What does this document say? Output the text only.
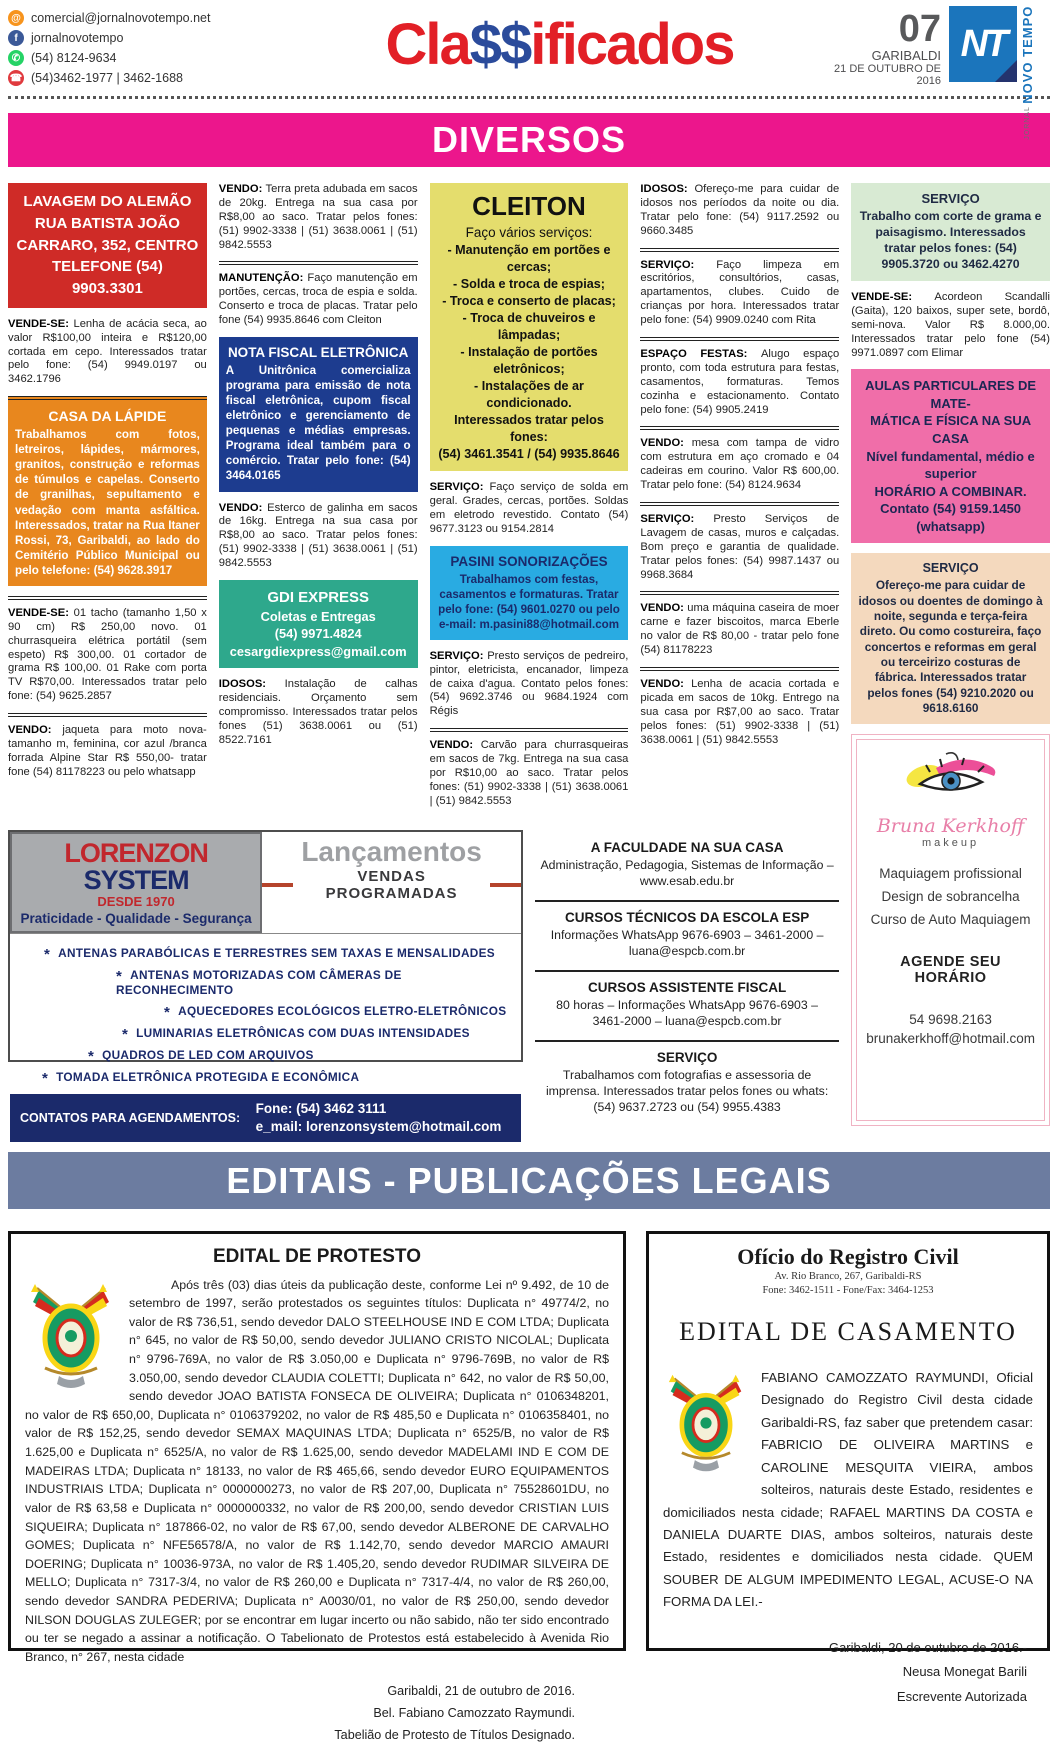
@ comercial@jornalnovotempo.net
f	jornalnovotempo
✆ (54) 8124-9634
☎ (54)3462-1977 | 3462-1688
Cla$$ificados	07
GARIBALDI
21 DE OUTUBRO DE 2016
NT
JORNAL
NOVO TEMPO
DIVERSOS
LAVAGEM DO ALEMÃO
RUA BATISTA JOÃO
CARRARO, 352, CENTRO
TELEFONE (54) 9903.3301
VENDE-SE: Lenha de acácia seca, ao valor R$100,00 inteira e R$120,00 cortada em cepo. Interessados tratar pelo fone: (54) 9949.0197 ou 3462.1796
CASA DA LÁPIDE
Trabalhamos com fotos, letreiros, lápides, mármores, granitos, construção e reformas de túmulos e capelas. Conserto de granilhas, sepultamento e vedação com manta asfáltica. Interessados, tratar na Rua Itaner Rossi, 73, Garibaldi, ao lado do Cemitério Público Municipal ou pelo telefone: (54) 9628.3917
VENDE-SE: 01 tacho (tamanho 1,50 x 90 cm) R$ 250,00 novo. 01 churrasqueira elétrica portátil (sem espeto) R$ 300,00. 01 cortador de grama R$ 100,00. 01 Rake com porta TV R$70,00. Interessados tratar pelo fone: (54) 9625.2857
VENDO: jaqueta para moto nova-tamanho m, feminina, cor azul /branca forrada Alpine Star R$ 550,00- tratar fone (54) 81178223 ou pelo whatsapp
VENDO: Terra preta adubada em sacos de 20kg. Entrega na sua casa por R$8,00 ao saco. Tratar pelos fones: (51) 9902-3338 | (51) 3638.0061 | (51) 9842.5553
MANUTENÇÃO: Faço manutenção em portões, cercas, troca de espia e solda. Conserto e troca de placas. Tratar pelo fone (54) 9935.8646 com Cleiton
NOTA FISCAL ELETRÔNICA
A Unitrônica comercializa programa para emissão de nota fiscal eletrônica, cupom fiscal eletrônico e gerenciamento de pequenas e médias empresas. Programa ideal também para o comércio. Tratar pelo fone: (54) 3464.0165
VENDO: Esterco de galinha em sacos de 16kg. Entrega na sua casa por R$8,00 ao saco. Tratar pelos fones: (51) 9902-3338 | (51) 3638.0061 | (51) 9842.5553
GDI EXPRESS
Coletas e Entregas
(54) 9971.4824
cesargdiexpress@gmail.com
IDOSOS: Instalação de calhas residenciais. Orçamento sem compromisso. Interessados tratar pelos fones (51) 3638.0061 ou (51) 8522.7161
CLEITON
Faço vários serviços:
- Manutenção em portões e cercas;
- Solda e troca de espias;
- Troca e conserto de placas;
- Troca de chuveiros e lâmpadas;
- Instalação de portões eletrônicos;
- Instalações de ar condicionado.
Interessados tratar pelos fones:
(54) 3461.3541 / (54) 9935.8646
SERVIÇO: Faço serviço de solda em geral. Grades, cercas, portões. Soldas em eletrodo revestido. Contato (54) 9677.3123 ou 9154.2814
PASINI SONORIZAÇÕES
Trabalhamos com festas, casamentos e formaturas. Tratar pelo fone: (54) 9601.0270 ou pelo e-mail: m.pasini88@hotmail.com
SERVIÇO: Presto serviços de pedreiro, pintor, eletricista, encanador, limpeza de caixa d'agua. Contato pelos fones: (54) 9692.3746 ou 9684.1924 com Régis
VENDO: Carvão para churrasqueiras em sacos de 7kg. Entrega na sua casa por R$10,00 ao saco. Tratar pelos fones: (51) 9902-3338 | (51) 3638.0061 | (51) 9842.5553
IDOSOS: Ofereço-me para cuidar de idosos nos períodos da noite ou dia. Tratar pelo fone: (54) 9117.2592 ou 9660.3485
SERVIÇO: Faço limpeza em escritórios, consultórios, casas, apartamentos, clubes. Cuido de crianças por hora. Interessados tratar pelo fone: (54) 9909.0240 com Rita
ESPAÇO FESTAS: Alugo espaço pronto, com toda estrutura para festas, casamentos, formaturas. Temos cozinha e estacionamento. Contato pelo fone: (54) 9905.2419
VENDO: mesa com tampa de vidro com estrutura em aço cromado e 04 cadeiras em courino. Valor R$ 600,00. Tratar pelo fone: (54) 8124.9634
SERVIÇO: Presto Serviços de Lavagem de casas, muros e calçadas. Bom preço e garantia de qualidade. Tratar pelos fones: (54) 9987.1437 ou 9968.3684
VENDO: uma máquina caseira de moer carne e fazer biscoitos, marca Eberle no valor de R$ 80,00 - tratar pelo fone (54) 81178223
VENDO: Lenha de acacia cortada e picada em sacos de 10kg. Entrego na sua casa por R$7,00 ao saco. Tratar pelos fones: (51) 9902-3338 | (51) 3638.0061 | (51) 9842.5553
SERVIÇO
Trabalho com corte de grama e paisagismo. Interessados tratar pelos fones: (54) 9905.3720 ou 3462.4270
VENDE-SE: Acordeon Scandalli (Gaita), 120 baixos, super sete, bordô, semi-nova. Valor R$ 8.000,00. Interessados tratar pelo fone (54) 9971.0897 com Elimar
AULAS PARTICULARES DE MATE-
MÁTICA E FÍSICA NA SUA CASA
Nível fundamental, médio e
superior
HORÁRIO A COMBINAR.
Contato (54) 9159.1450 (whatsapp)
SERVIÇO
Ofereço-me para cuidar de idosos ou doentes de domingo à noite, segunda e terça-feira direto. Ou como costureira, faço concertos e reformas em geral ou terceirizo costuras de fábrica. Interessados tratar pelos fones (54) 9210.2020 ou 9618.6160
Bruna Kerkhoff
makeup
Maquiagem profissional
Design de sobrancelha
Curso de Auto Maquiagem
AGENDE SEU HORÁRIO
54 9698.2163
brunakerkhoff@hotmail.com
LORENZON SYSTEM
DESDE 1970
Praticidade - Qualidade - Segurança
Lançamentos
VENDAS PROGRAMADAS
* ANTENAS PARABÓLICAS E TERRESTRES SEM TAXAS E MENSALIDADES
* ANTENAS MOTORIZADAS COM CÂMERAS DE RECONHECIMENTO
* AQUECEDORES ECOLÓGICOS ELETRO-ELETRÔNICOS
* LUMINARIAS ELETRÔNICAS COM DUAS INTENSIDADES
* QUADROS DE LED COM ARQUIVOS
* TOMADA ELETRÔNICA PROTEGIDA E ECONÔMICA
CONTATOS PARA AGENDAMENTOS:
Fone: (54) 3462 3111
e_mail: lorenzonsystem@hotmail.com
A FACULDADE NA SUA CASA
Administração, Pedagogia, Sistemas de Informação – www.esab.edu.br
CURSOS TÉCNICOS DA ESCOLA ESP
Informações WhatsApp 9676-6903 – 3461-2000 – luana@espcb.com.br
CURSOS ASSISTENTE FISCAL
80 horas – Informações WhatsApp 9676-6903 – 3461-2000 – luana@espcb.com.br
SERVIÇO
Trabalhamos com fotografias e assessoria de imprensa. Interessados tratar pelos fones ou whats: (54) 9637.2723 ou (54) 9955.4383
EDITAIS - PUBLICAÇÕES LEGAIS
EDITAL DE PROTESTO
Após três (03) dias úteis da publicação deste, conforme Lei nº 9.492, de 10 de setembro de 1997, serão protestados os seguintes títulos: Duplicata n° 49774/2, no valor de R$ 736,51, sendo devedor DALO STEELHOUSE IND E COM LTDA; Duplicata n° 645, no valor de R$ 50,00, sendo devedor JULIANO CRISTO NICOLAL; Duplicata n° 9796-769A, no valor de R$ 3.050,00 e Duplicata n° 9796-769B, no valor de R$ 3.050,00, sendo devedor CLAUDIA COLETTI; Duplicata n° 642, no valor de R$ 50,00, sendo devedor JOAO BATISTA FONSECA DE OLIVEIRA; Duplicata n° 0106348201, no valor de R$ 650,00, Duplicata n° 0106379202, no valor de R$ 485,50 e Duplicata n° 0106358401, no valor de R$ 152,25, sendo devedor SEMAX MAQUINAS LTDA; Duplicata n° 6525/B, no valor de R$ 1.625,00 e Duplicata n° 6525/A, no valor de R$ 1.625,00, sendo devedor MADELAMI IND E COM DE MADEIRAS LTDA; Duplicata n° 18133, no valor de R$ 465,66, sendo devedor EURO EQUIPAMENTOS INDUSTRIAIS LTDA; Duplicata n° 0000000273, no valor de R$ 207,00, Duplicata n° 75528601DU, no valor de R$ 63,58 e Duplicata n° 0000000332, no valor de R$ 200,00, sendo devedor CRISTIAN LUIS SIQUEIRA; Duplicata n° 187866-02, no valor de R$ 67,00, sendo devedor ALBERONE DE CARVALHO GOMES; Duplicata n° NFE56578/A, no valor de R$ 1.142,70, sendo devedor MARCIO AMAURI DOERING; Duplicata n° 10036-973A, no valor de R$ 1.405,20, sendo devedor RUDIMAR SILVEIRA DE MELLO; Duplicata n° 7317-3/4, no valor de R$ 260,00 e Duplicata n° 7317-4/4, no valor de R$ 260,00, sendo devedor SANDRA PEDERIVA; Duplicata n° A0030/01, no valor de R$ 250,00, sendo devedor NILSON DOUGLAS ZULEGER; por se encontrar em lugar incerto ou não sabido, não ter sido encontrado ou ter se negado a assinar a notificação. O Tabelionato de Protestos está estabelecido à Avenida Rio Branco, n° 267, nesta cidade
Garibaldi, 21 de outubro de 2016.
Bel. Fabiano Camozzato Raymundi.
Tabelião de Protesto de Títulos Designado.
Ofício do Registro Civil
Av. Rio Branco, 267, Garibaldi-RS
Fone: 3462-1511 - Fone/Fax: 3464-1253
EDITAL DE CASAMENTO
FABIANO CAMOZZATO RAYMUNDI, Oficial Designado do Registro Civil desta cidade Garibaldi-RS, faz saber que pretendem casar: FABRICIO DE OLIVEIRA MARTINS e CAROLINE MESQUITA VIEIRA, ambos solteiros, naturais deste Estado, residentes e domiciliados nesta cidade; RAFAEL MARTINS DA COSTA e DANIELA DUARTE DIAS, ambos solteiros, naturais deste Estado, residentes e domiciliados nesta cidade. QUEM SOUBER DE ALGUM IMPEDIMENTO LEGAL, ACUSE-O NA FORMA DA LEI.-
Garibaldi, 20 de outubro de 2016.-
Neusa Monegat Barili
Escrevente Autorizada
